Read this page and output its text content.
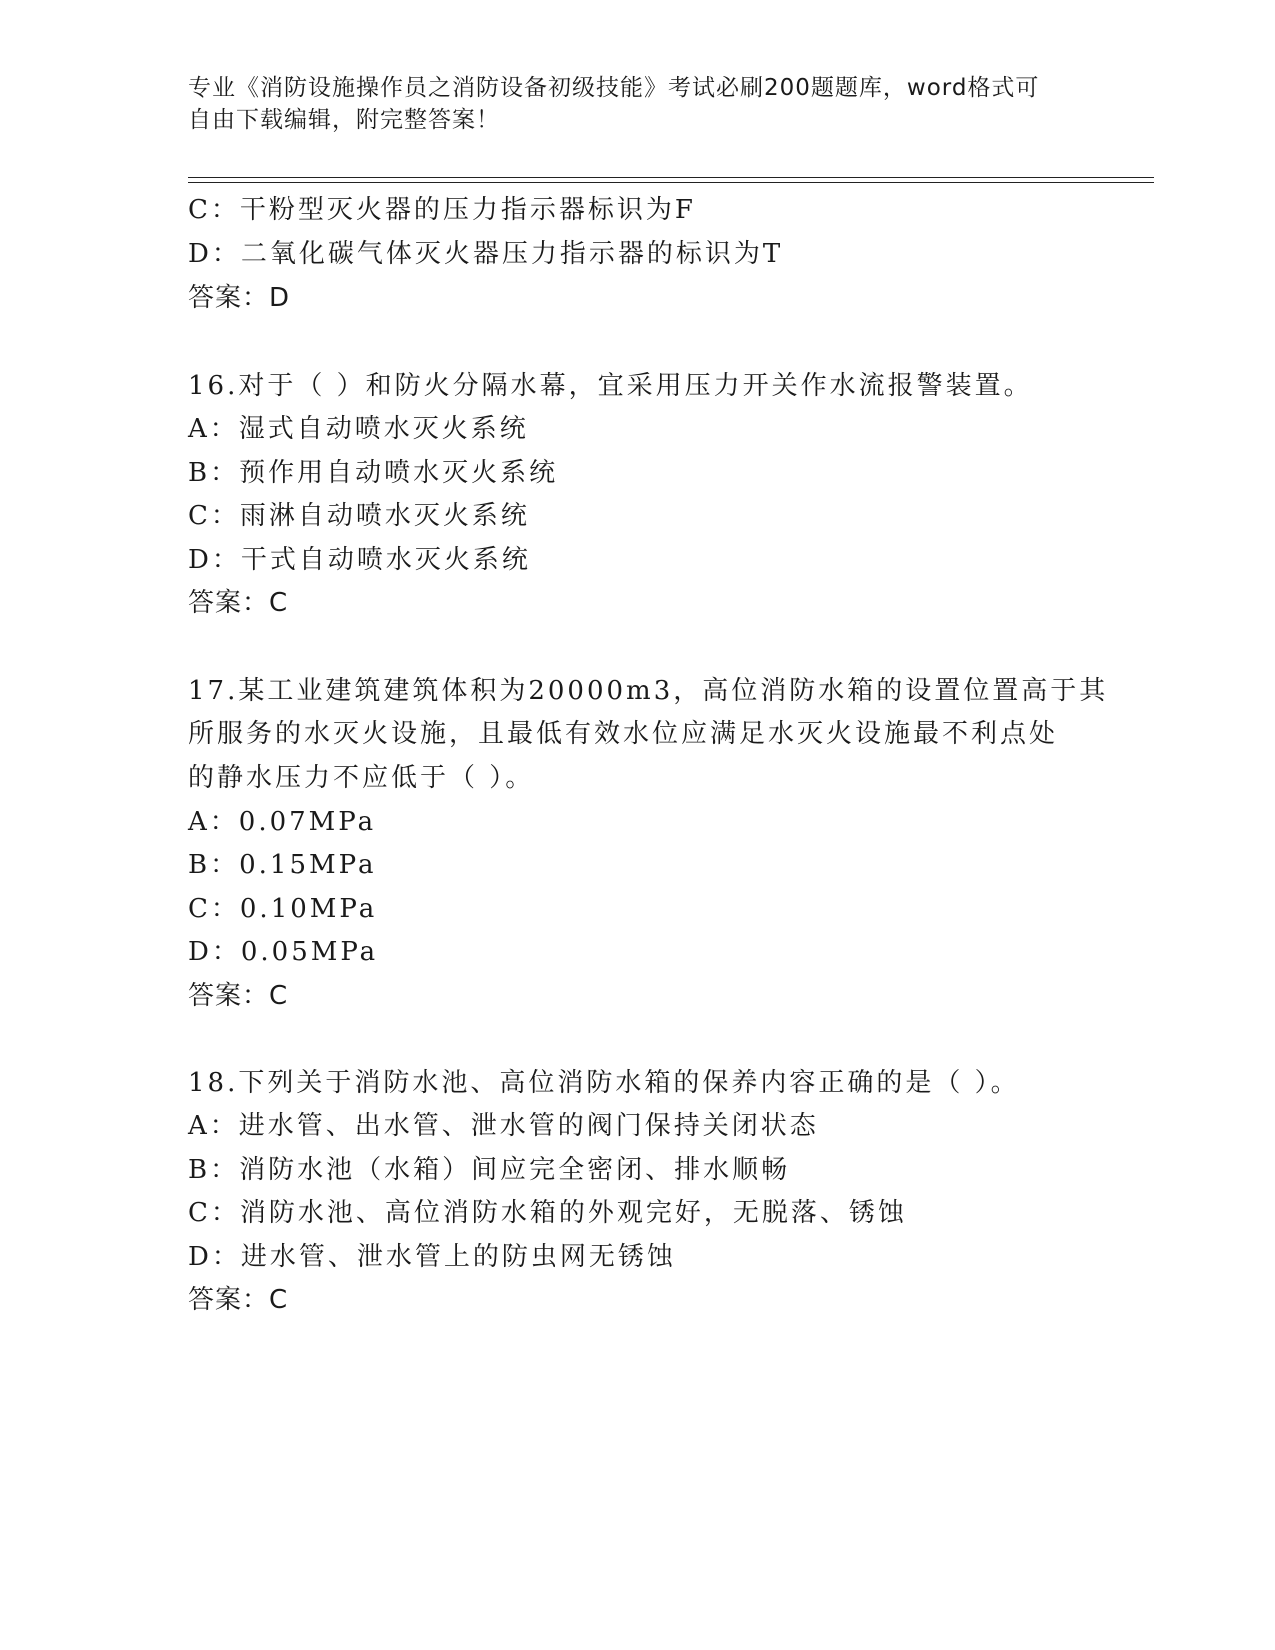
专业《消防设施操作员之消防设备初级技能》考试必刷200题题库，word格式可
自由下载编辑，附完整答案！
C：干粉型灭火器的压力指示器标识为F
D：二氧化碳气体灭火器压力指示器的标识为T
答案：D
16.对于（ ）和防火分隔水幕，宜采用压力开关作水流报警装置。
A：湿式自动喷水灭火系统
B：预作用自动喷水灭火系统
C：雨淋自动喷水灭火系统
D：干式自动喷水灭火系统
答案：C
17.某工业建筑建筑体积为20000m3，高位消防水箱的设置位置高于其
所服务的水灭火设施，且最低有效水位应满足水灭火设施最不利点处
的静水压力不应低于（ ）。
A：0.07MPa
B：0.15MPa
C：0.10MPa
D：0.05MPa
答案：C
18.下列关于消防水池、高位消防水箱的保养内容正确的是（ ）。
A：进水管、出水管、泄水管的阀门保持关闭状态
B：消防水池（水箱）间应完全密闭、排水顺畅
C：消防水池、高位消防水箱的外观完好，无脱落、锈蚀
D：进水管、泄水管上的防虫网无锈蚀
答案：C
